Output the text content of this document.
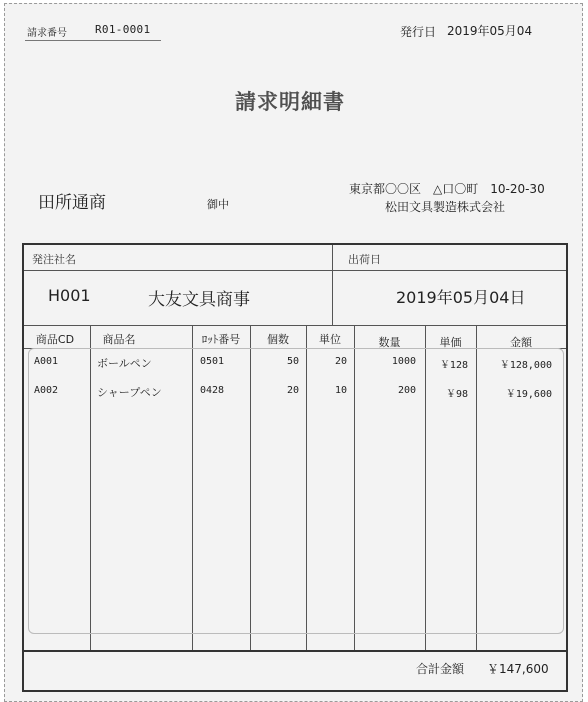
請求番号	R01-0001	発行日 2019年05月04
請求明細書
田所通商	御中
東京都〇〇区　△口〇町　10-20-30
松田文具製造株式会社
発注社名	出荷日
H001	大友文具商事	2019年05月04日
商品CD	商品名	ﾛｯﾄ番号	個数	単位	数量	単価	金額
A001	ボールペン	0501	50	20	1000	￥128	￥128,000
A002	シャープペン	0428	20	10	200	￥98	￥19,600
合計金額 ￥147,600
